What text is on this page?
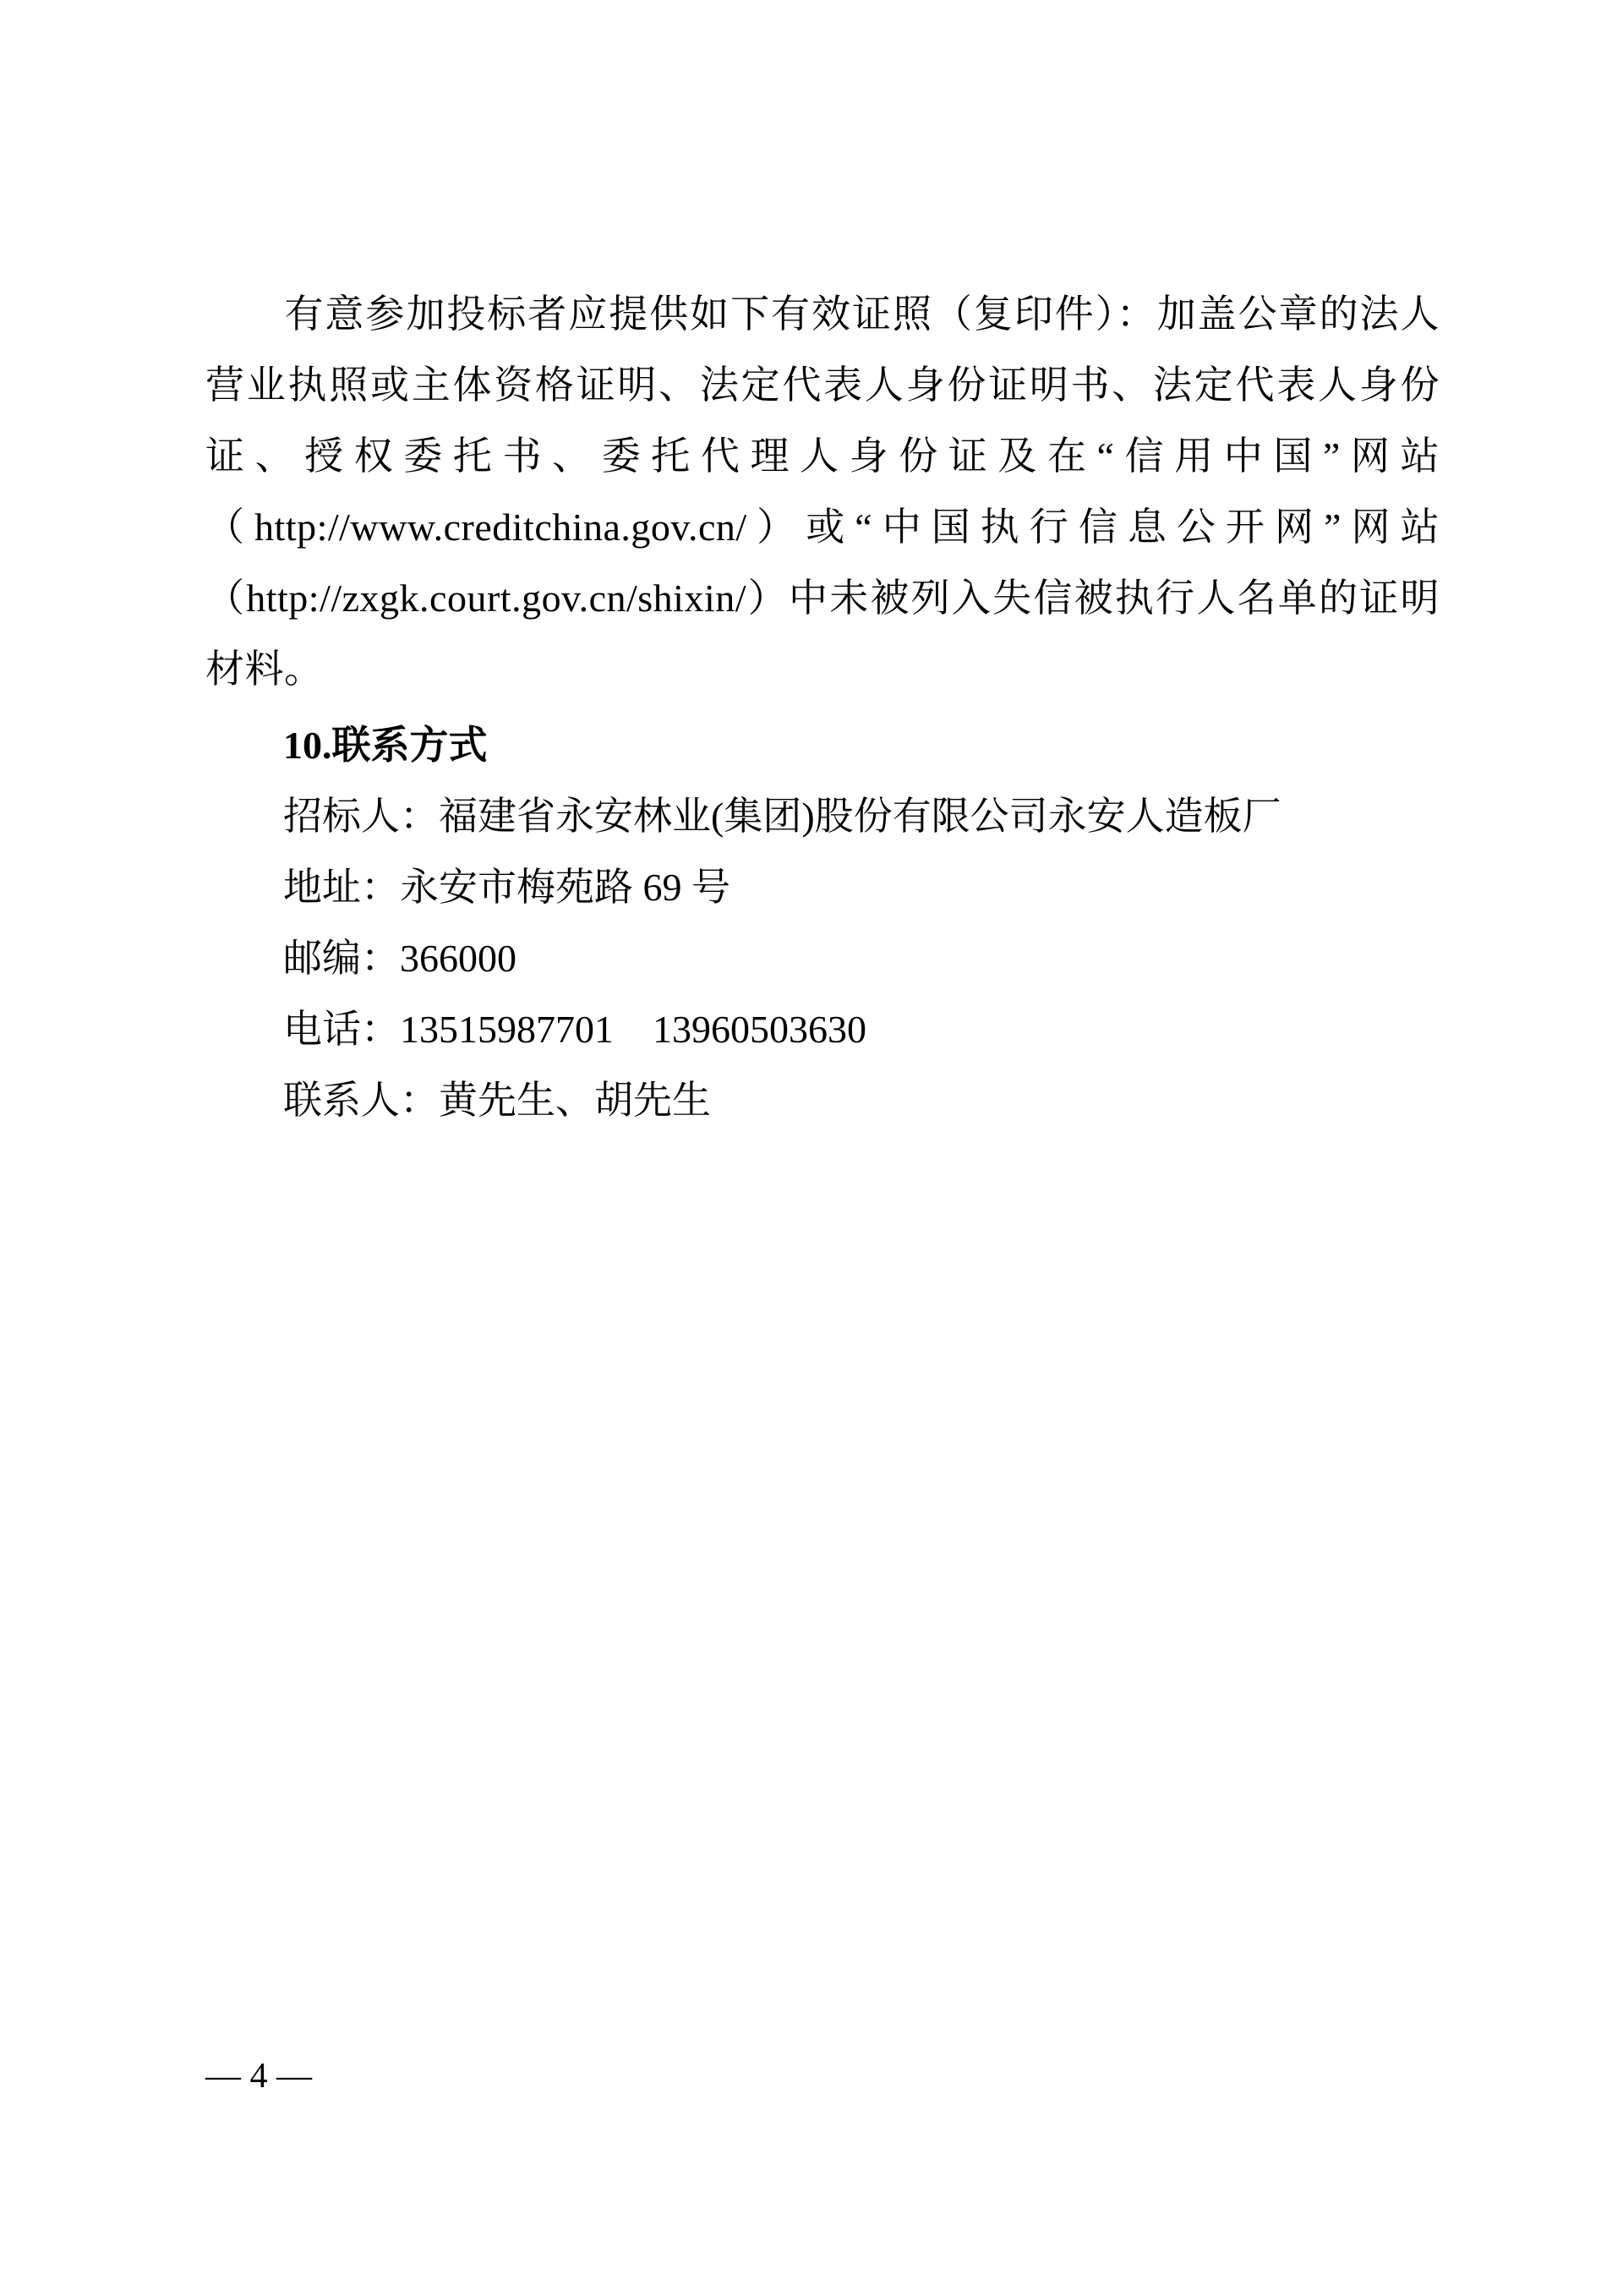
有意参加投标者应提供如下有效证照（复印件）：加盖公章的法人营业执照或主体资格证明、法定代表人身份证明书、法定代表人身份证、授权委托书、委托代理人身份证及在“信用中国”网站（http://www.creditchina.gov.cn/）或“中国执行信息公开网”网站（http://zxgk.court.gov.cn/shixin/）中未被列入失信被执行人名单的证明材料。

10.联系方式

招标人：福建省永安林业(集团)股份有限公司永安人造板厂

地址：永安市梅苑路 69 号

邮编：366000

电话：13515987701    13960503630

联系人：黄先生、胡先生

— 4 —
